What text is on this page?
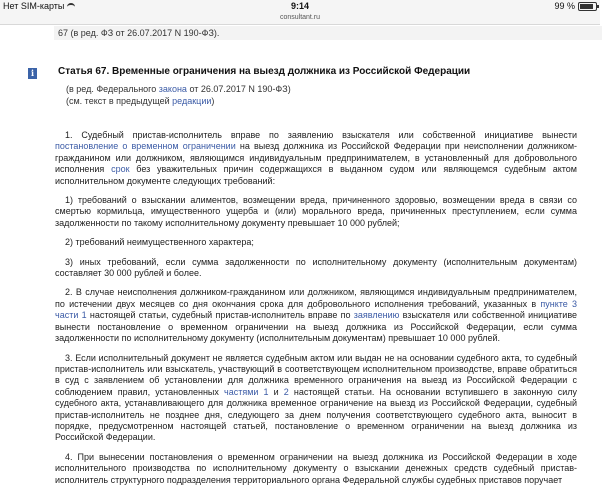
Нет SIM-карты	9:14	99 %
consultant.ru
67 (в ред. ФЗ от 26.07.2017 N 190-ФЗ).
i Статья 67. Временные ограничения на выезд должника из Российской Федерации
(в ред. Федерального закона от 26.07.2017 N 190-ФЗ)
(см. текст в предыдущей редакции)

1. Судебный пристав-исполнитель вправе по заявлению взыскателя или собственной инициативе вынести постановление о временном ограничении на выезд должника из Российской Федерации при неисполнении должником-гражданином или должником, являющимся индивидуальным предпринимателем, в установленный для добровольного исполнения срок без уважительных причин содержащихся в выданном судом или являющемся судебным актом исполнительном документе следующих требований:

1) требований о взыскании алиментов, возмещении вреда, причиненного здоровью, возмещении вреда в связи со смертью кормильца, имущественного ущерба и (или) морального вреда, причиненных преступлением, если сумма задолженности по такому исполнительному документу превышает 10 000 рублей;

2) требований неимущественного характера;

3) иных требований, если сумма задолженности по исполнительному документу (исполнительным документам) составляет 30 000 рублей и более.

2. В случае неисполнения должником-гражданином или должником, являющимся индивидуальным предпринимателем, по истечении двух месяцев со дня окончания срока для добровольного исполнения требований, указанных в пункте 3 части 1 настоящей статьи, судебный пристав-исполнитель вправе по заявлению взыскателя или собственной инициативе вынести постановление о временном ограничении на выезд должника из Российской Федерации, если сумма задолженности по исполнительному документу (исполнительным документам) превышает 10 000 рублей.

3. Если исполнительный документ не является судебным актом или выдан не на основании судебного акта, то судебный пристав-исполнитель или взыскатель, участвующий в соответствующем исполнительном производстве, вправе обратиться в суд с заявлением об установлении для должника временного ограничения на выезд из Российской Федерации с соблюдением правил, установленных частями 1 и 2 настоящей статьи. На основании вступившего в законную силу судебного акта, устанавливающего для должника временное ограничение на выезд из Российской Федерации, судебный пристав-исполнитель не позднее дня, следующего за днем получения соответствующего судебного акта, выносит в порядке, предусмотренном настоящей статьей, постановление о временном ограничении на выезд должника из Российской Федерации.

4. При вынесении постановления о временном ограничении на выезд должника из Российской Федерации в ходе исполнительного производства по исполнительному документу о взыскании денежных средств судебный пристав-исполнитель структурного подразделения территориального органа Федеральной службы судебных приставов поручает
